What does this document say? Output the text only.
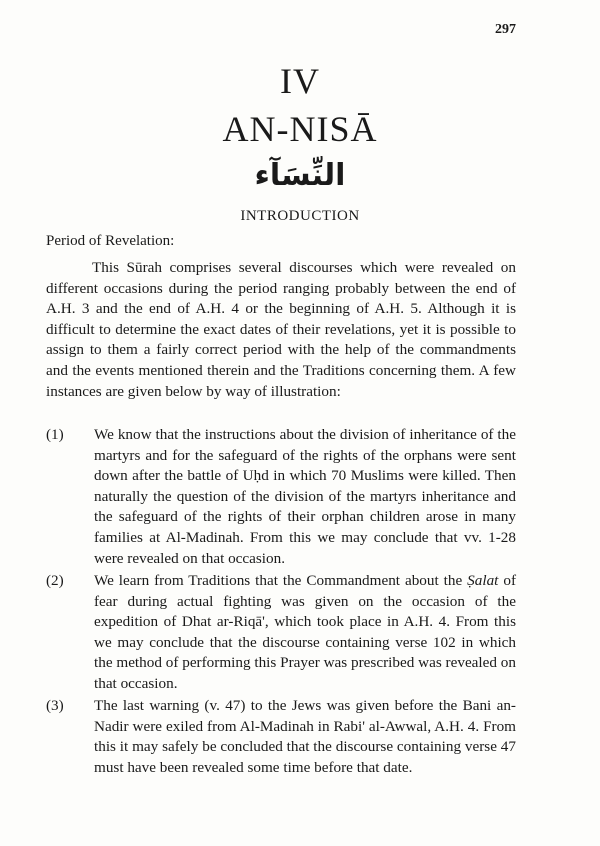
297
IV
AN-NISĀ
النِّسَآء
INTRODUCTION
Period of Revelation:

This Sūrah comprises several discourses which were revealed on different occasions during the period ranging probably between the end of A.H. 3 and the end of A.H. 4 or the beginning of A.H. 5. Although it is difficult to determine the exact dates of their revelations, yet it is possible to assign to them a fairly correct period with the help of the commandments and the events mentioned therein and the Traditions concerning them. A few instances are given below by way of illustration:

(1)	We know that the instructions about the division of inheritance of the martyrs and for the safeguard of the rights of the orphans were sent down after the battle of Uḥd in which 70 Muslims were killed. Then naturally the question of the division of the martyrs inheritance and the safeguard of the rights of their orphan children arose in many families at Al-Madinah. From this we may conclude that vv. 1-28 were revealed on that occasion.

(2)	We learn from Traditions that the Commandment about the Ṣalat of fear during actual fighting was given on the occasion of the expedition of Dhat ar-Riqā', which took place in A.H. 4. From this we may conclude that the discourse containing verse 102 in which the method of performing this Prayer was prescribed was revealed on that occasion.

(3)	The last warning (v. 47) to the Jews was given before the Bani an-Nadir were exiled from Al-Madinah in Rabi' al-Awwal, A.H. 4. From this it may safely be concluded that the discourse containing verse 47 must have been revealed some time before that date.
